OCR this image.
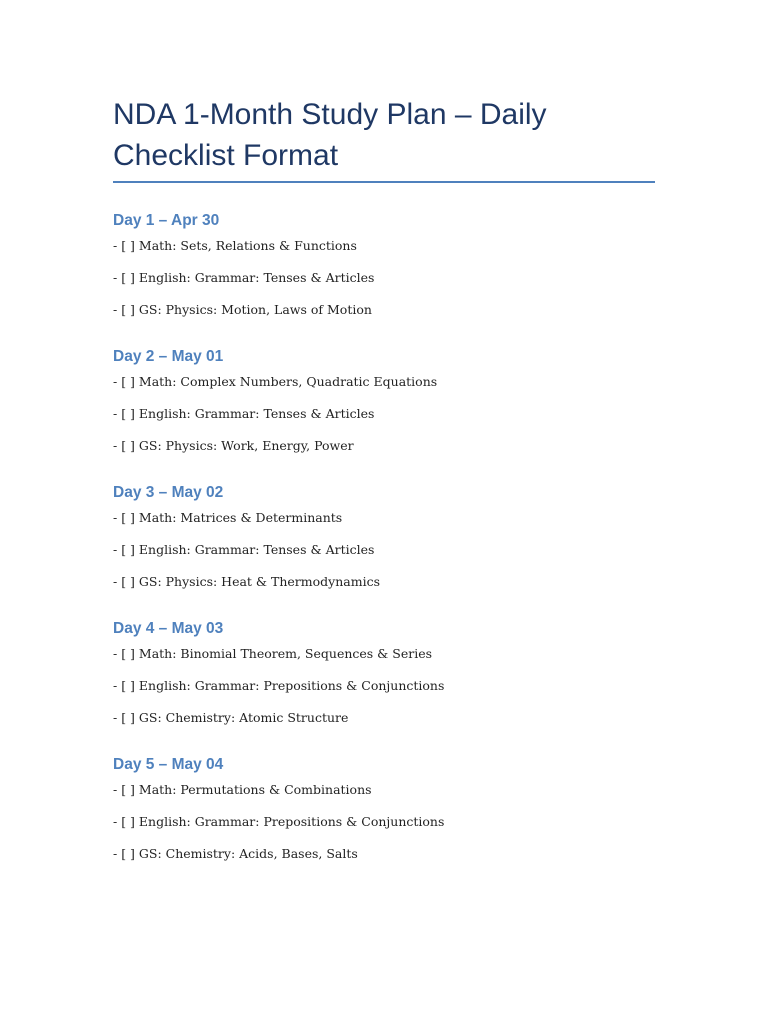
NDA 1-Month Study Plan – Daily
Checklist Format
Day 1 – Apr 30
- [ ] Math: Sets, Relations & Functions
- [ ] English: Grammar: Tenses & Articles
- [ ] GS: Physics: Motion, Laws of Motion
Day 2 – May 01
- [ ] Math: Complex Numbers, Quadratic Equations
- [ ] English: Grammar: Tenses & Articles
- [ ] GS: Physics: Work, Energy, Power
Day 3 – May 02
- [ ] Math: Matrices & Determinants
- [ ] English: Grammar: Tenses & Articles
- [ ] GS: Physics: Heat & Thermodynamics
Day 4 – May 03
- [ ] Math: Binomial Theorem, Sequences & Series
- [ ] English: Grammar: Prepositions & Conjunctions
- [ ] GS: Chemistry: Atomic Structure
Day 5 – May 04
- [ ] Math: Permutations & Combinations
- [ ] English: Grammar: Prepositions & Conjunctions
- [ ] GS: Chemistry: Acids, Bases, Salts
